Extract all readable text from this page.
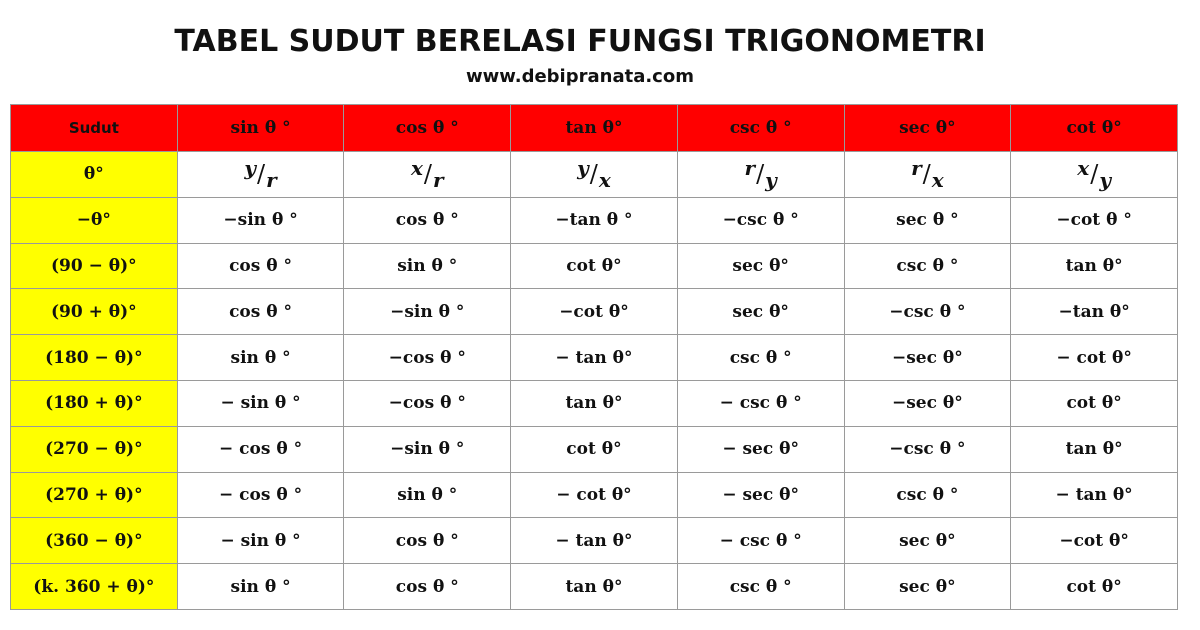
TABEL SUDUT BERELASI FUNGSI TRIGONOMETRI
www.debipranata.com
Sudut	sin θ °	cos θ °	tan θ°	csc θ °	sec θ°	cot θ°
θ°	y/r	x/r	y/x	r/y	r/x	x/y
−θ°	−sin θ °	cos θ °	−tan θ °	−csc θ °	sec θ °	−cot θ °
(90 − θ)°	cos θ °	sin θ °	cot θ°	sec θ°	csc θ °	tan θ°
(90 + θ)°	cos θ °	−sin θ °	−cot θ°	sec θ°	−csc θ °	−tan θ°
(180 − θ)°	sin θ °	−cos θ °	− tan θ°	csc θ °	−sec θ°	− cot θ°
(180 + θ)°	− sin θ °	−cos θ °	tan θ°	− csc θ °	−sec θ°	cot θ°
(270 − θ)°	− cos θ °	−sin θ °	cot θ°	− sec θ°	−csc θ °	tan θ°
(270 + θ)°	− cos θ °	sin θ °	− cot θ°	− sec θ°	csc θ °	− tan θ°
(360 − θ)°	− sin θ °	cos θ °	− tan θ°	− csc θ °	sec θ°	−cot θ°
(k. 360 + θ)°	sin θ °	cos θ °	tan θ°	csc θ °	sec θ°	cot θ°
